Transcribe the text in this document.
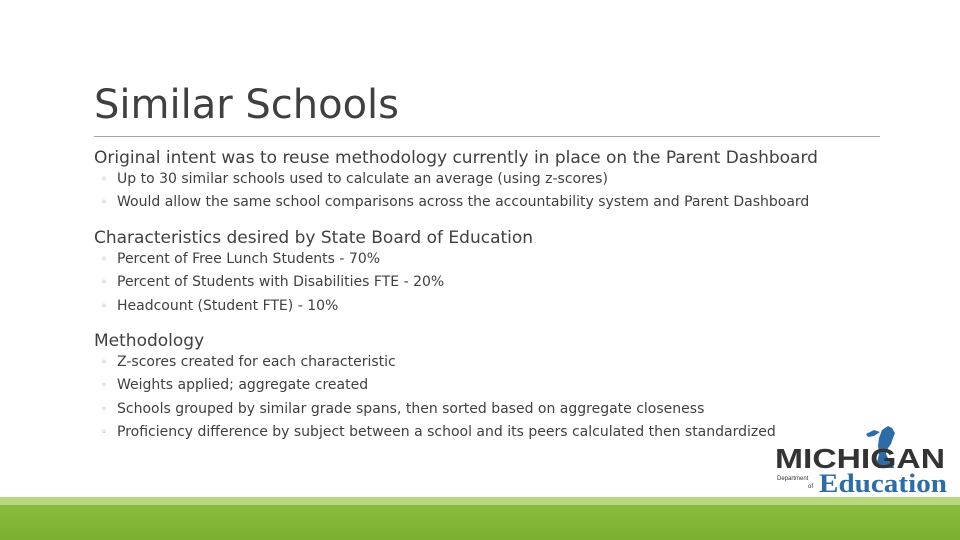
Similar Schools
Original intent was to reuse methodology currently in place on the Parent Dashboard
◦ Up to 30 similar schools used to calculate an average (using z-scores)
◦ Would allow the same school comparisons across the accountability system and Parent Dashboard
Characteristics desired by State Board of Education
◦ Percent of Free Lunch Students - 70%
◦ Percent of Students with Disabilities FTE - 20%
◦ Headcount (Student FTE) - 10%
Methodology
◦ Z-scores created for each characteristic
◦ Weights applied; aggregate created
◦ Schools grouped by similar grade spans, then sorted based on aggregate closeness
◦ Proficiency difference by subject between a school and its peers calculated then standardized
MICHIGAN
Department
of Education
